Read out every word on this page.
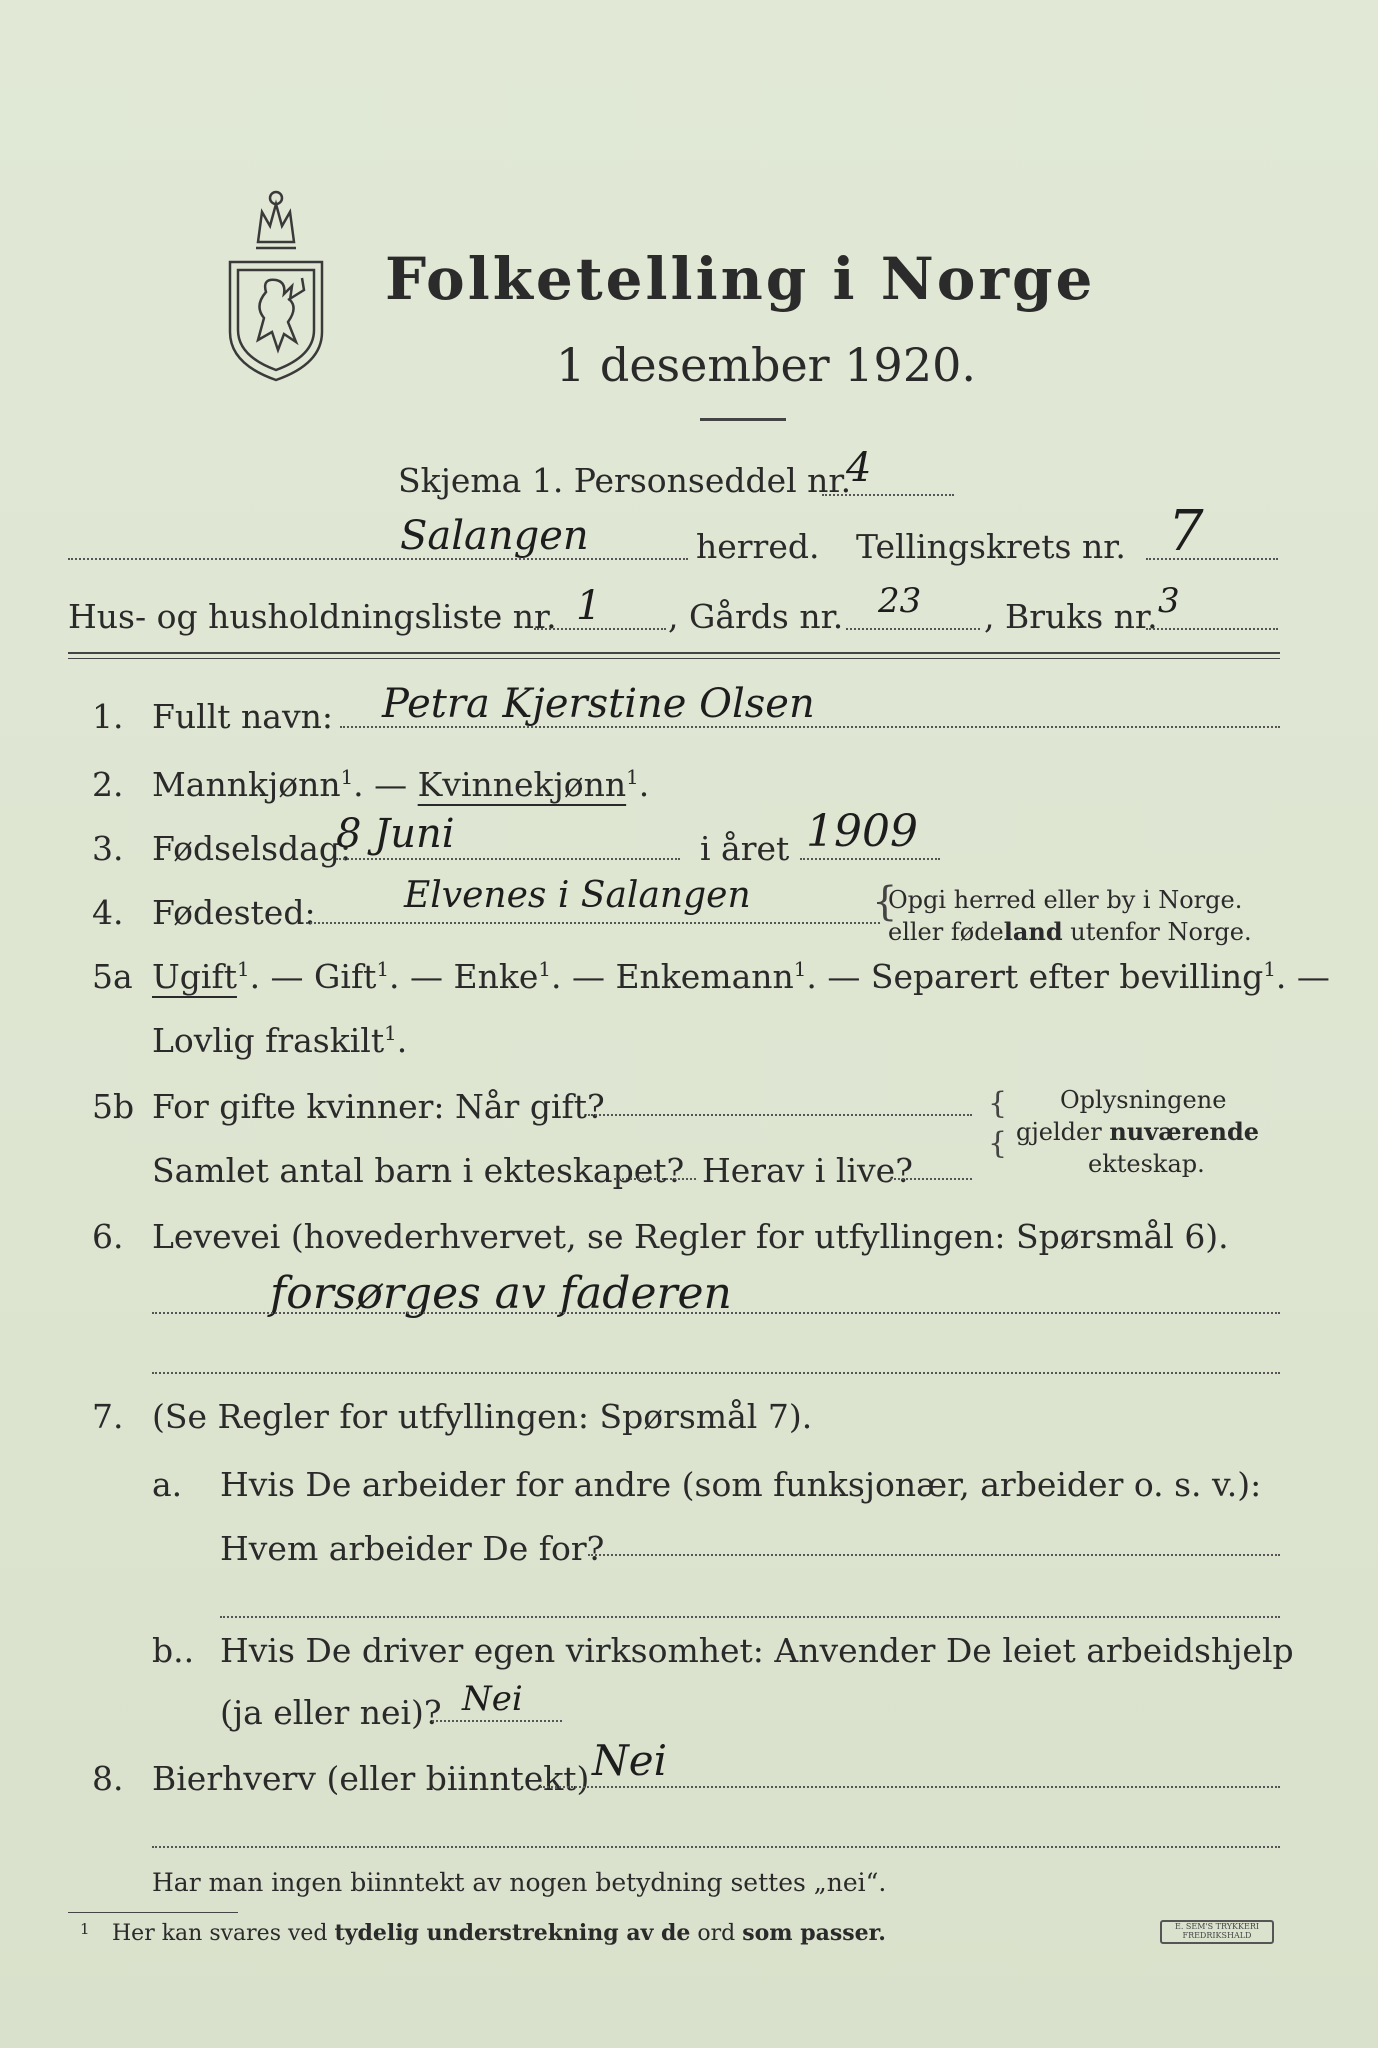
Folketelling i Norge
1 desember 1920.
Skjema 1. Personseddel nr.
4
Salangen	herred. Tellingskrets nr. 7
Hus- og husholdningsliste nr. 1 , Gårds nr. 23 , Bruks nr. 3
1. Fullt navn: Petra Kjerstine Olsen
2. Mannkjønn$^1$. — Kvinnekjønn$^1$.
3. Fødselsdag:
8 Juni	i året 1909
4. Fødested: Elvenes i Salangen	{
Opgi herred eller by i Norge.
eller fødeland utenfor Norge.
5a Ugift$^1$. — Gift$^1$. — Enke$^1$. — Enkemann$^1$. — Separert efter bevilling$^1$. —
Lovlig fraskilt$^1$.
5b For gifte kvinner: Når gift?
Samlet antal barn i ekteskapet? Herav i live?
{
{
Oplysningene
gjelder nuværende
ekteskap.
6. Levevei (hovederhvervet, se Regler for utfyllingen: Spørsmål 6).
forsørges av faderen
7. (Se Regler for utfyllingen: Spørsmål 7).
a. Hvis De arbeider for andre (som funksjonær, arbeider o. s. v.):
Hvem arbeider De for?
b.. Hvis De driver egen virksomhet: Anvender De leiet arbeidshjelp
(ja eller nei)? Nei
8. Bierhverv (eller biinntekt) Nei
Har man ingen biinntekt av nogen betydning settes „nei“.
1 Her kan svares ved tydelig understrekning av de ord som passer.	E. SEM'S TRYKKERI
FREDRIKSHALD
